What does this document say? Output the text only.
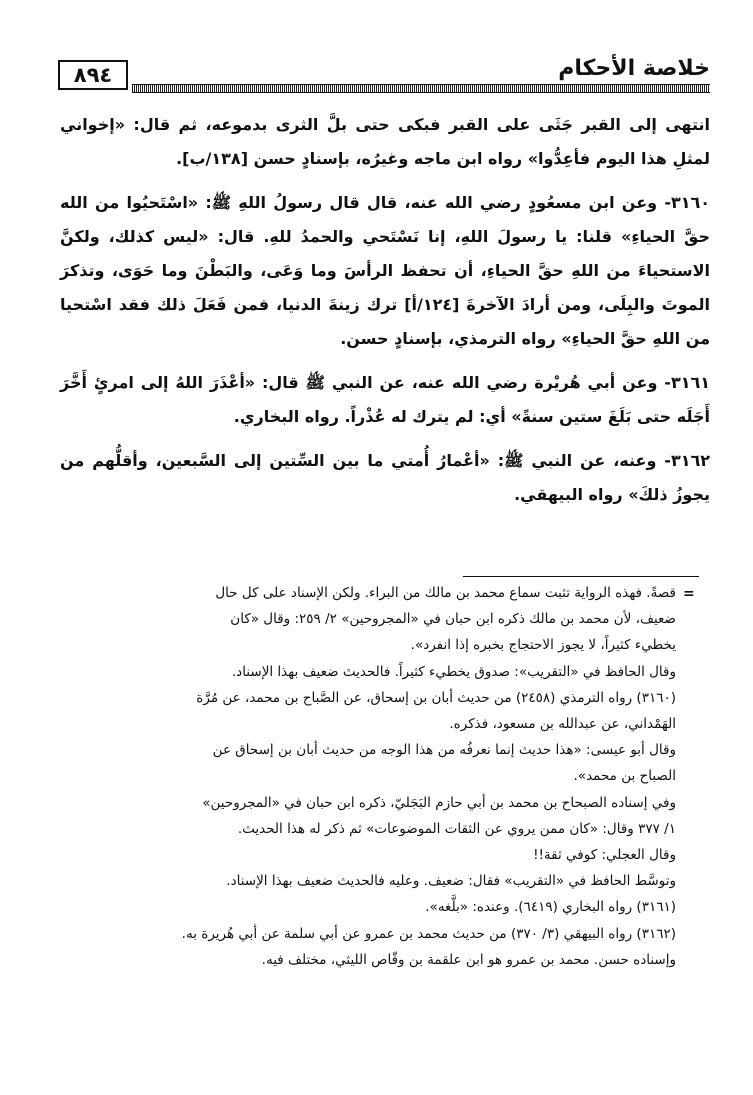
٨٩٤	خلاصة الأحكام

انتهى إلى القبر جَثَى على القبر فبكى حتى بلَّ الثرى بدموعه، ثم قال: «إخواني لمثلِ هذا اليوم فأعِدُّوا» رواه ابن ماجه وغيرُه، بإسنادٍ حسن [١٣٨/ب].

٣١٦٠- وعن ابن مسعُودٍ رضي الله عنه، قال قال رسولُ اللهِ ﷺ: «اسْتَحيُوا من الله حقَّ الحياءِ» قلنا: يا رسولَ اللهِ، إنا نَسْتَحي والحمدُ للهِ. قال: «ليس كذلك، ولكنَّ الاستحياءَ من اللهِ حقَّ الحياءِ، أن تحفظ الرأسَ وما وَعَى، والبَطْنَ وما حَوَى، وتذكرَ الموتَ والبِلَى، ومن أرادَ الآخرةَ [١٢٤/أ] ترك زينةَ الدنيا، فمن فَعَلَ ذلك فقد اسْتحيا من اللهِ حقَّ الحياءِ» رواه الترمذي، بإسنادٍ حسن.

٣١٦١- وعن أبي هُريْرة رضي الله عنه، عن النبي ﷺ قال: «أعْذَرَ اللهُ إلى امرئٍ أَخَّرَ أَجَلَه حتى بَلَغَ ستين سنةً» أي: لم يترك له عُذْراً. رواه البخاري.

٣١٦٢- وعنه، عن النبي ﷺ: «أعْمارُ أُمتي ما بين السِّتين إلى السَّبعين، وأقلُّهم من يجوزُ ذلكَ» رواه البيهقي.

=

قصةً. فهذه الرواية تثبت سماع محمد بن مالك من البراء. ولكن الإسناد على كل حال

ضعيف، لأن محمد بن مالك ذكره ابن حبان في «المجروحين» ٢/ ٢٥٩: وقال «كان

يخطيء كثيراً، لا يجوز الاحتجاج بخبره إذا انفرد».

وقال الحافظ في «التقريب»: صدوق يخطيء كثيراً. فالحديث ضعيف بهذا الإسناد.

(٣١٦٠) رواه الترمذي (٢٤٥٨) من حديث أبان بن إسحاق، عن الصَّباح بن محمد، عن مُرَّة

الهَمْداني، عن عبدالله بن مسعود، فذكره.

وقال أبو عيسى: «هذا حديث إنما نعرفُه من هذا الوجه من حديث أبان بن إسحاق عن

الصباح بن محمد».

وفي إسناده الصبحاح بن محمد بن أبي حازم البَجَليّ، ذكره ابن حبان في «المجروحين»

١/ ٣٧٧ وقال: «كان ممن يروي عن الثقات الموضوعات» ثم ذكر له هذا الحديث.

وقال العجلي: كوفي ثقة!!

وتوسَّط الحافظ في «التقريب» فقال: ضعيف. وعليه فالحديث ضعيف بهذا الإسناد.

(٣١٦١) رواه البخاري (٦٤١٩). وعنده: «بلَّغه».

(٣١٦٢) رواه البيهقي (٣/ ٣٧٠) من حديث محمد بن عمرو عن أبي سلمة عن أبي هُريرة به.

وإسناده حسن. محمد بن عمرو هو ابن علقمة بن وقّاص الليثي، مختلف فيه.
